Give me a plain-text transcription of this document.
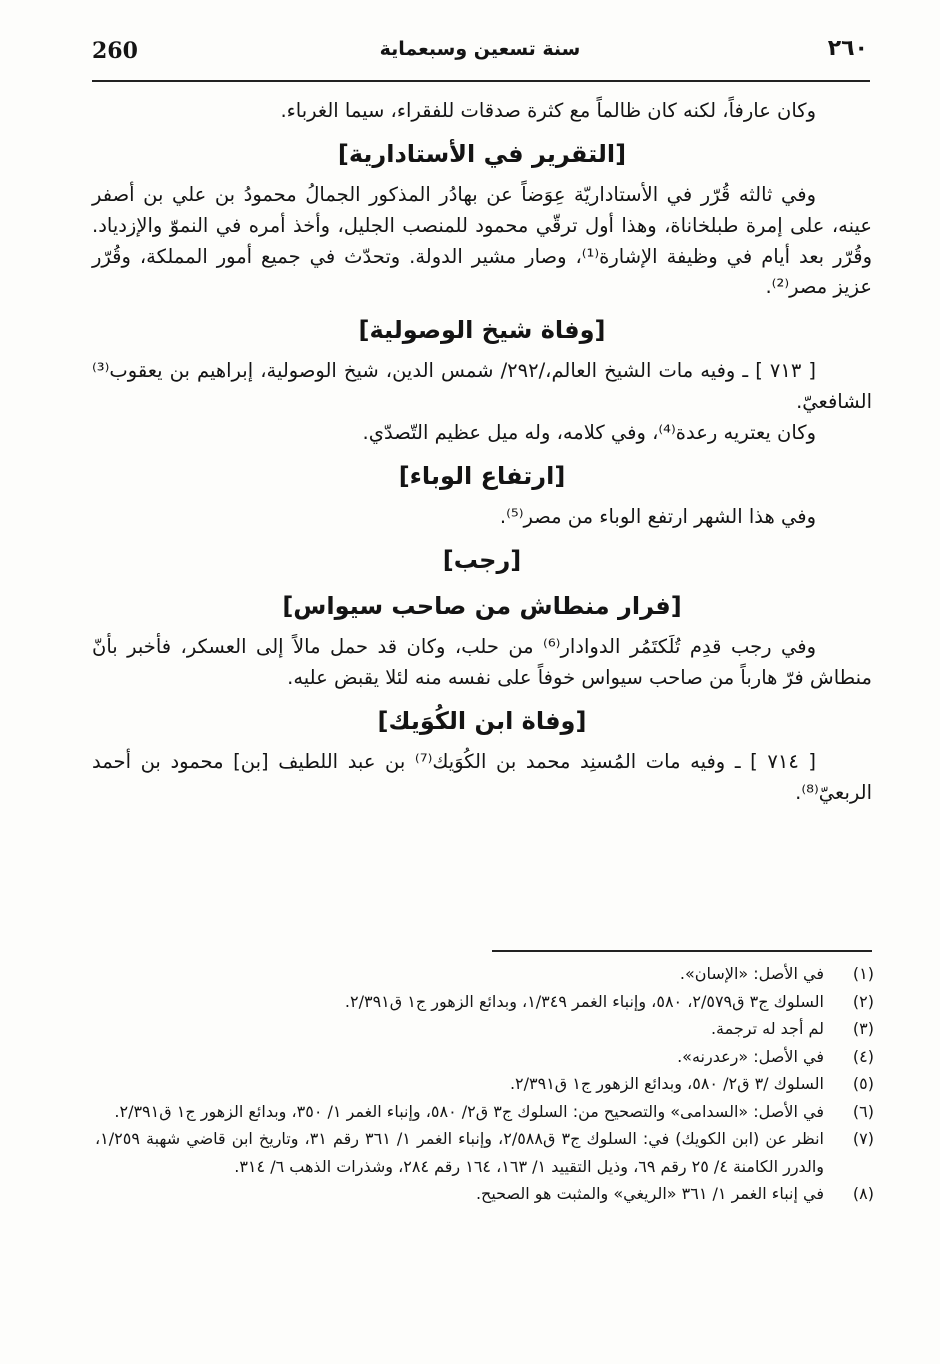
260	سنة تسعين وسبعماية	٢٦٠

وكان عارفاً، لكنه كان ظالماً مع كثرة صدقات للفقراء، سيما الغرباء.

[التقرير في الأستادارية]

وفي ثالثه قُرّر في الأستاداريّة عِوَضاً عن بهادُر المذكور الجمالُ محمودُ بن علي بن أصفر عينه، على إمرة طبلخاناة، وهذا أول ترقّي محمود للمنصب الجليل، وأخذ أمره في النموّ والإزدياد. وقُرّر بعد أيام في وظيفة الإشارة⁽¹⁾، وصار مشير الدولة. وتحدّث في جميع أمور المملكة، وقُرّر عزيز مصر⁽²⁾.

[وفاة شيخ الوصولية]

[ ٧١٣ ] ـ وفيه مات الشيخ العالم،/٢٩٢/ شمس الدين، شيخ الوصولية، إبراهيم بن يعقوب⁽³⁾ الشافعيّ.

وكان يعتريه رعدة⁽⁴⁾، وفي كلامه، وله ميل عظيم التّصدّي.

[ارتفاع الوباء]

وفي هذا الشهر ارتفع الوباء من مصر⁽⁵⁾.

[رجب]
[فرار منطاش من صاحب سيواس]

وفي رجب قدِم تُلَكتَمُر الدوادار⁽⁶⁾ من حلب، وكان قد حمل مالاً إلى العسكر، فأخبر بأنّ منطاش فرّ هارباً من صاحب سيواس خوفاً على نفسه منه لئلا يقبض عليه.

[وفاة ابن الكُوَيك]

[ ٧١٤ ] ـ وفيه مات المُسنِد محمد بن الكُوَيك⁽⁷⁾ بن عبد اللطيف [بن] محمود بن أحمد الربعيّ⁽⁸⁾.

(١)
في الأصل: «الإسان».
(٢)
السلوك ج٣ ق٢/٥٧٩، ٥٨٠، وإنباء الغمر ١/٣٤٩، وبدائع الزهور ج١ ق٢/٣٩١.
(٣)
لم أجد له ترجمة.
(٤)
في الأصل: «رعدرنه».
(٥)
السلوك /٣ ق٢/ ٥٨٠، وبدائع الزهور ج١ ق٢/٣٩١.
(٦)
في الأصل: «السدامى» والتصحيح من: السلوك ج٣ ق٢/ ٥٨٠، وإنباء الغمر ١/ ٣٥٠، وبدائع الزهور ج١ ق٢/٣٩١.
(٧)
انظر عن (ابن الكويك) في: السلوك ج٣ ق٢/٥٨٨، وإنباء الغمر ١/ ٣٦١ رقم ٣١، وتاريخ ابن قاضي شهبة ١/٢٥٩، والدرر الكامنة ٤/ ٢٥ رقم ٦٩، وذيل التقييد ١/ ١٦٣، ١٦٤ رقم ٢٨٤، وشذرات الذهب ٦/ ٣١٤.
(٨)
في إنباء الغمر ١/ ٣٦١ «الريغي» والمثبت هو الصحيح.
